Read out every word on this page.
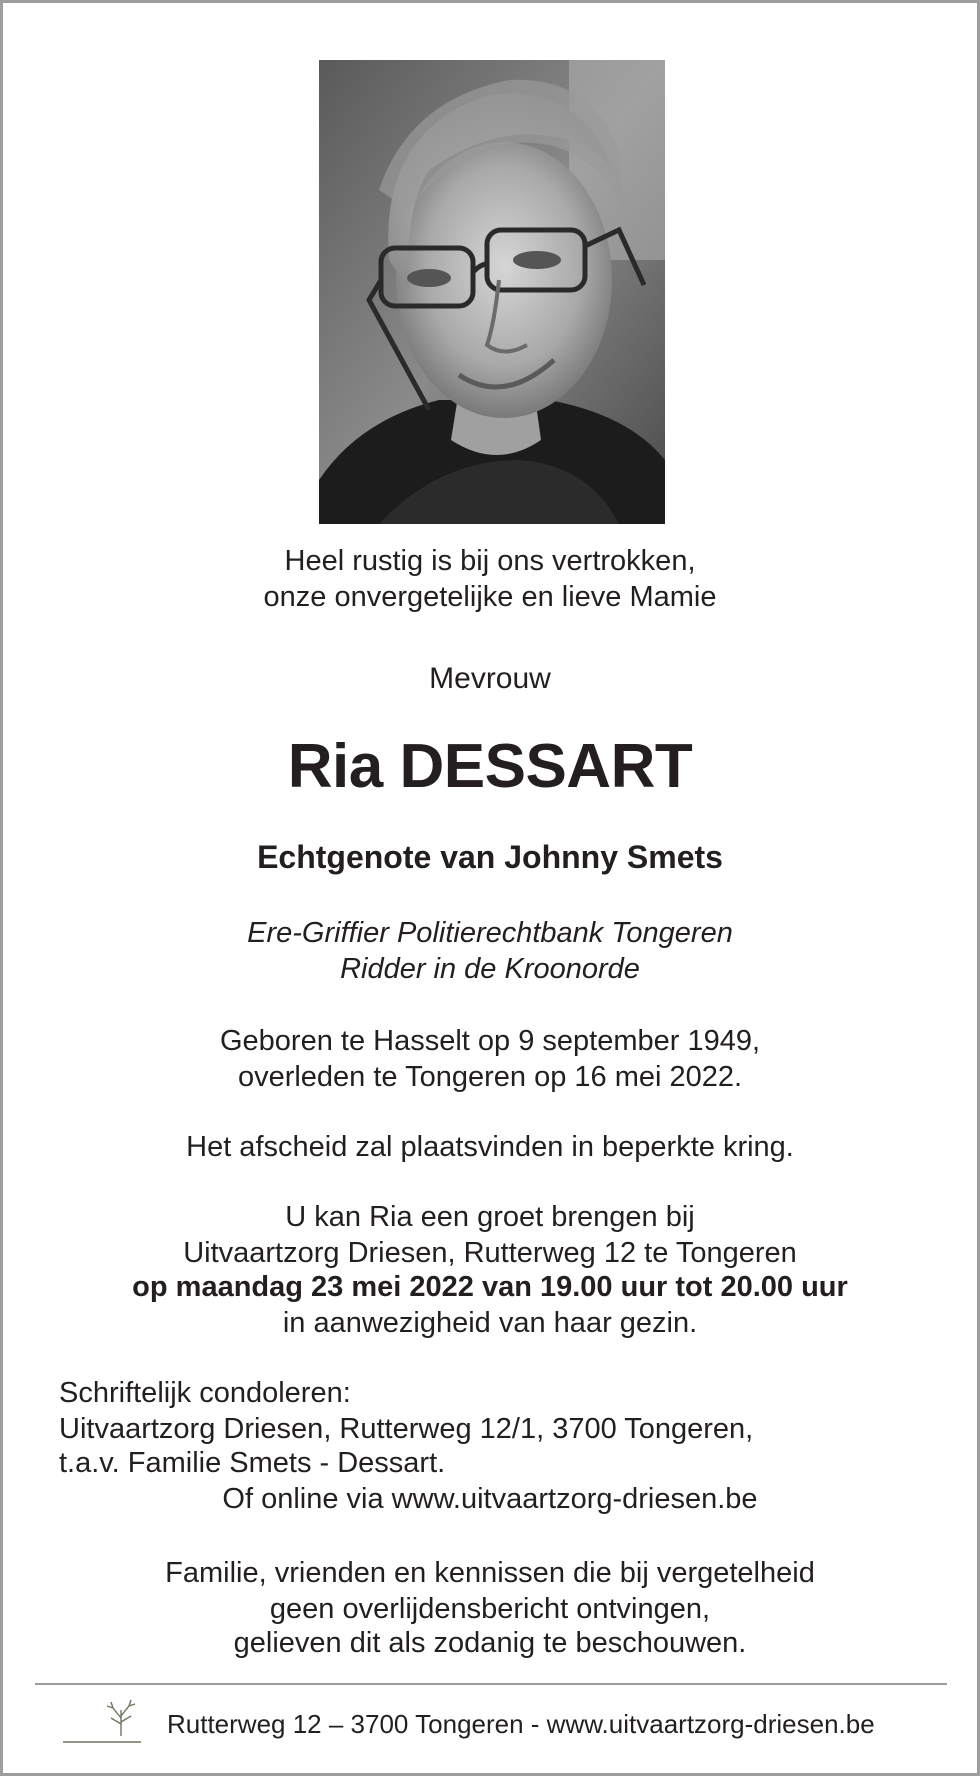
Heel rustig is bij ons vertrokken,
onze onvergetelijke en lieve Mamie
Mevrouw
Ria DESSART
Echtgenote van Johnny Smets
Ere-Griffier Politierechtbank Tongeren
Ridder in de Kroonorde
Geboren te Hasselt op 9 september 1949,
overleden te Tongeren op 16 mei 2022.
Het afscheid zal plaatsvinden in beperkte kring.
U kan Ria een groet brengen bij
Uitvaartzorg Driesen, Rutterweg 12 te Tongeren
op maandag 23 mei 2022 van 19.00 uur tot 20.00 uur
in aanwezigheid van haar gezin.
Schriftelijk condoleren:
Uitvaartzorg Driesen, Rutterweg 12/1, 3700 Tongeren,
t.a.v. Familie Smets - Dessart.
Of online via www.uitvaartzorg-driesen.be
Familie, vrienden en kennissen die bij vergetelheid
geen overlijdensbericht ontvingen,
gelieven dit als zodanig te beschouwen.
Rutterweg 12 – 3700 Tongeren - www.uitvaartzorg-driesen.be
